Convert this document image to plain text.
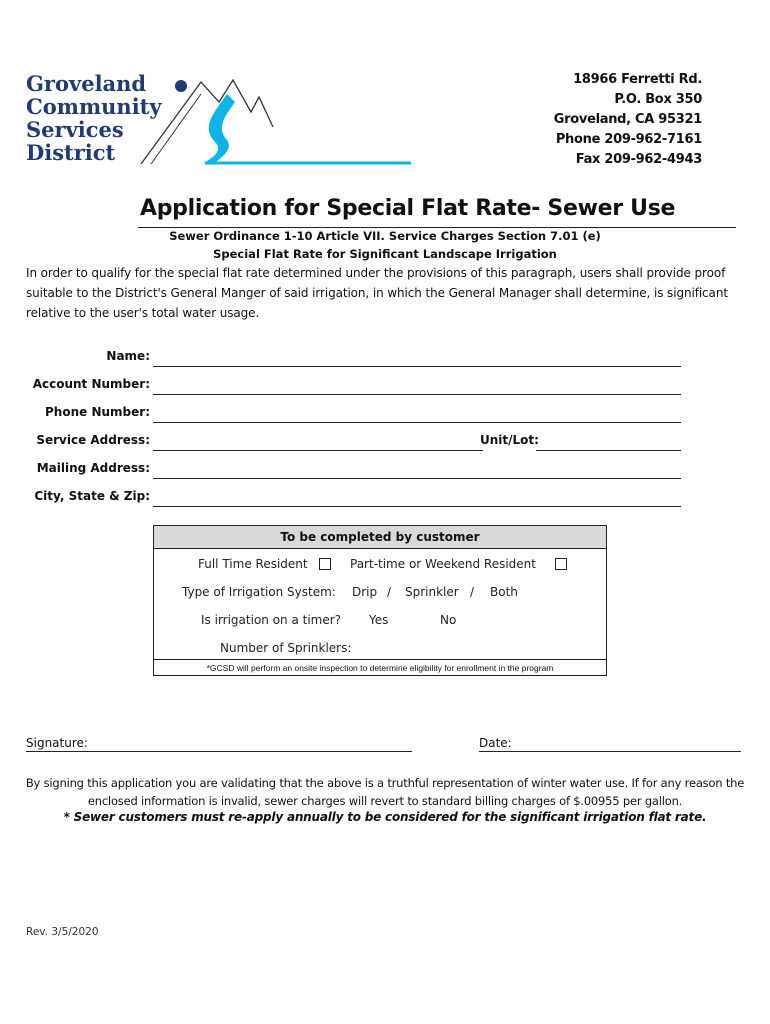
Groveland
Community
Services
District
18966 Ferretti Rd.
P.O. Box 350
Groveland, CA 95321
Phone 209-962-7161
Fax 209-962-4943
Application for Special Flat Rate- Sewer Use
Sewer Ordinance 1-10 Article VII. Service Charges Section 7.01 (e)
Special Flat Rate for Significant Landscape Irrigation
In order to qualify for the special flat rate determined under the provisions of this paragraph, users shall provide proof
suitable to the District's General Manger of said irrigation, in which the General Manager shall determine, is significant
relative to the user's total water usage.
Name:
Account Number:
Phone Number:
Service Address:	Unit/Lot:
Mailing Address:
City, State & Zip:
To be completed by customer
Full Time Resident	Part-time or Weekend Resident
Type of Irrigation System: Drip / Sprinkler / Both
Is irrigation on a timer? Yes	No
Number of Sprinklers:
*GCSD will perform an onsite inspection to determine eligibility for enrollment in the program
Signature:	Date:
By signing this application you are validating that the above is a truthful representation of winter water use. If for any reason the
enclosed information is invalid, sewer charges will revert to standard billing charges of $.00955 per gallon.
* Sewer customers must re-apply annually to be considered for the significant irrigation flat rate.
Rev. 3/5/2020
